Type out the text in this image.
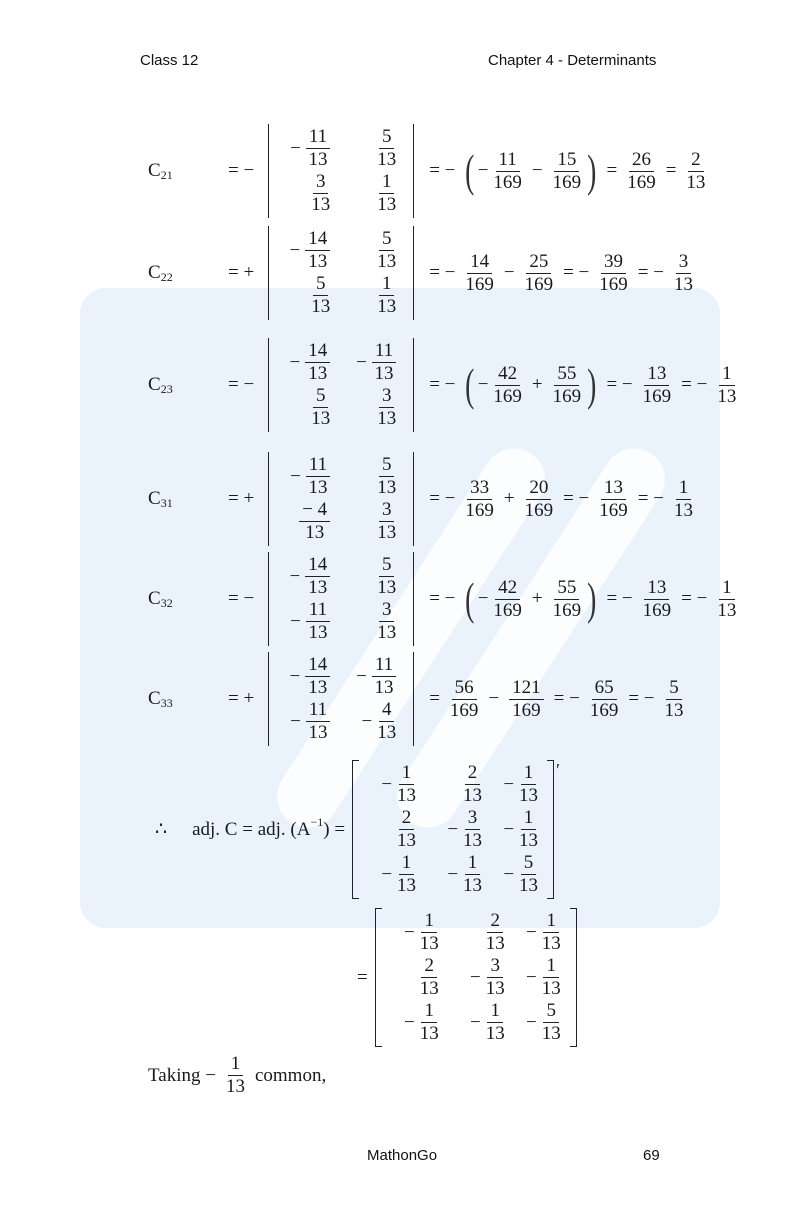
Class 12	Chapter 4 - Determinants
$C_{21}$	= −
− $\frac{11}{13} \frac{5}{13}$
$\frac{3}{13} \frac{1}{13}$
= − ( − $\frac{11}{169} - \frac{15}{169}$ ) = $\frac{26}{169} = \frac{2}{13}$
$C_{22}$	= +
− $\frac{14}{13} \frac{5}{13}$
$\frac{5}{13} \frac{1}{13}$
= − $\frac{14}{169} - \frac{25}{169}$ = − $\frac{39}{169}$ = − $\frac{3}{13}$
$C_{23}$	= −
− $\frac{14}{13} - \frac{11}{13}$
$\frac{5}{13} \frac{3}{13}$
= − ( − $\frac{42}{169} + \frac{55}{169}$ ) = − $\frac{13}{169}$ = − $\frac{1}{13}$
$C_{31}$	= +
− $\frac{11}{13} \frac{5}{13}$
$\frac{- 4}{13} \frac{3}{13}$
= − $\frac{33}{169} + \frac{20}{169}$ = − $\frac{13}{169}$ = − $\frac{1}{13}$
$C_{32}$	= −
− $\frac{14}{13} \frac{5}{13}$
− $\frac{11}{13} \frac{3}{13}$
= − ( − $\frac{42}{169} + \frac{55}{169}$ ) = − $\frac{13}{169}$ = − $\frac{1}{13}$
$C_{33}$	= +
− $\frac{14}{13} - \frac{11}{13}$
− $\frac{11}{13} - \frac{4}{13}$
= $\frac{56}{169} - \frac{121}{169}$ = − $\frac{65}{169}$ = − $\frac{5}{13}$
∴ adj. C = adj. (A −1 ) =
− $\frac{1}{13} \frac{2}{13} - \frac{1}{13}$
$\frac{2}{13} - \frac{3}{13} - \frac{1}{13}$
− $\frac{1}{13} - \frac{1}{13} - \frac{5}{13}$
′
=
− $\frac{1}{13} \frac{2}{13} - \frac{1}{13}$
$\frac{2}{13} - \frac{3}{13} - \frac{1}{13}$
− $\frac{1}{13} - \frac{1}{13} - \frac{5}{13}$
Taking − $\frac{1}{13}$ common,
MathonGo	69
